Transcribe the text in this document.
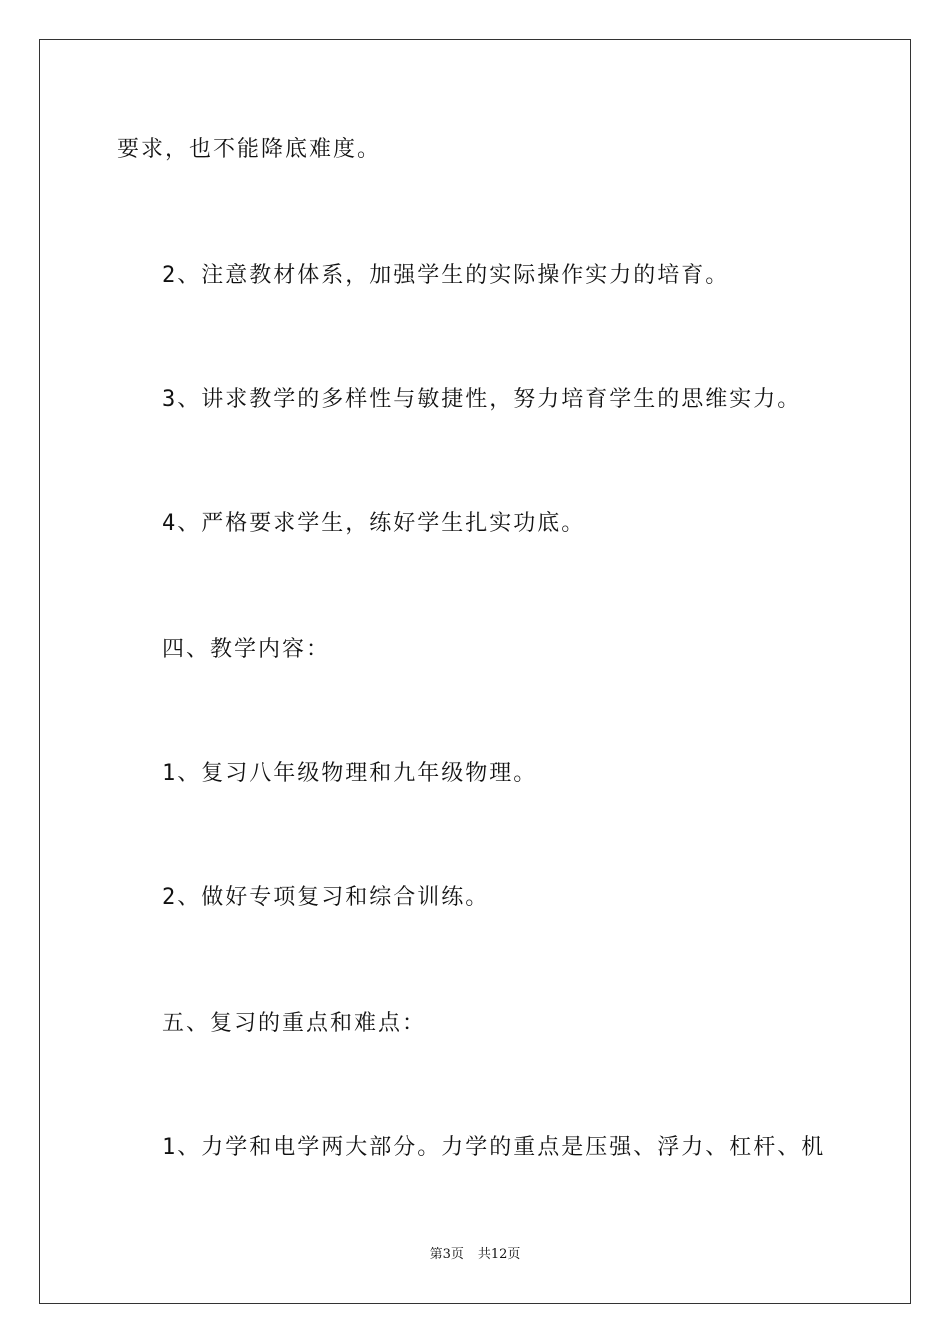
要求，也不能降底难度。
2、注意教材体系，加强学生的实际操作实力的培育。
3、讲求教学的多样性与敏捷性，努力培育学生的思维实力。
4、严格要求学生，练好学生扎实功底。
四、教学内容：
1、复习八年级物理和九年级物理。
2、做好专项复习和综合训练。
五、复习的重点和难点：
1、力学和电学两大部分。力学的重点是压强、浮力、杠杆、机
第3页 共12页
